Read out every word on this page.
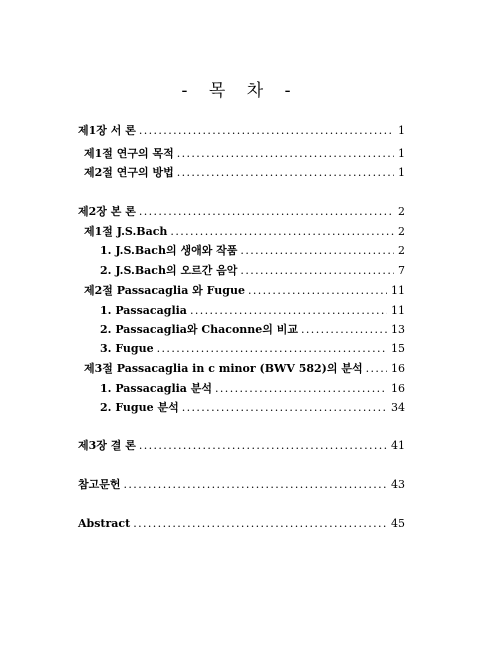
- 목 차 -
제1장 서 론 .....	1
제1절 연구의 목적 .....	1
제2절 연구의 방법 .....	1
제2장 본 론 .....	2
제1절 J.S.Bach .....	2
1. J.S.Bach의 생애와 작품 .....	2
2. J.S.Bach의 오르간 음악 .....	7
제2절 Passacaglia 와 Fugue .....	11
1. Passacaglia .....	11
2. Passacaglia와 Chaconne의 비교 .....	13
3. Fugue .....	15
제3절 Passacaglia in c minor (BWV 582)의 분석 .....	16
1. Passacaglia 분석 .....	16
2. Fugue 분석 .....	34
제3장 결 론 .....	41
참고문헌 .....	43
Abstract .....	45
